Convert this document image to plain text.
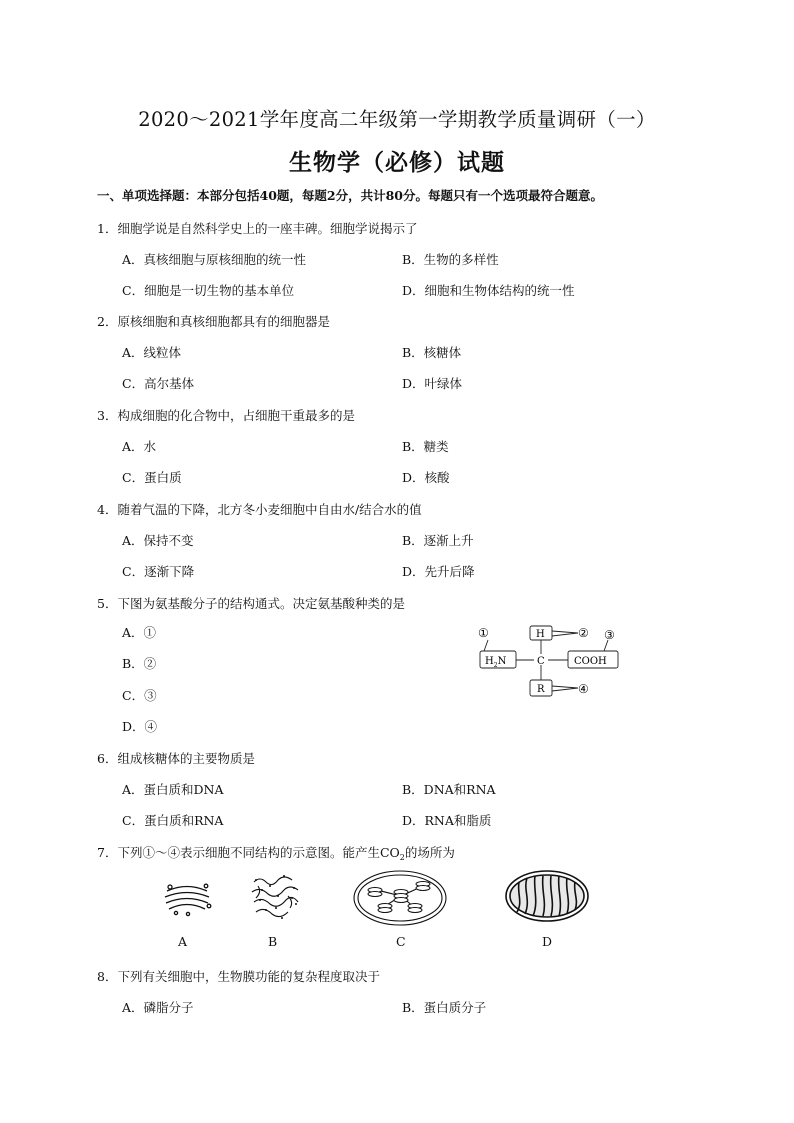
2020～2021学年度高二年级第一学期教学质量调研（一）
生物学（必修）试题
一、单项选择题：本部分包括40题，每题2分，共计80分。每题只有一个选项最符合题意。
1．细胞学说是自然科学史上的一座丰碑。细胞学说揭示了
A．真核细胞与原核细胞的统一性	B．生物的多样性
C．细胞是一切生物的基本单位	D．细胞和生物体结构的统一性
2．原核细胞和真核细胞都具有的细胞器是
A．线粒体	B．核糖体
C．高尔基体	D．叶绿体
3．构成细胞的化合物中，占细胞干重最多的是
A．水	B．糖类
C．蛋白质	D．核酸
4．随着气温的下降，北方冬小麦细胞中自由水/结合水的值
A．保持不变	B．逐渐上升
C．逐渐下降	D．先升后降
5．下图为氨基酸分子的结构通式。决定氨基酸种类的是
A．①
B．②
C．③
D．④
①	② ③
④
H
C
$H_2N$	COOH
R
6．组成核糖体的主要物质是
A．蛋白质和DNA	B．DNA和RNA
C．蛋白质和RNA	D．RNA和脂质
7．下列①～④表示细胞不同结构的示意图。能产生$CO_2$的场所为
A	B	C	D
8．下列有关细胞中，生物膜功能的复杂程度取决于
A．磷脂分子	B．蛋白质分子
